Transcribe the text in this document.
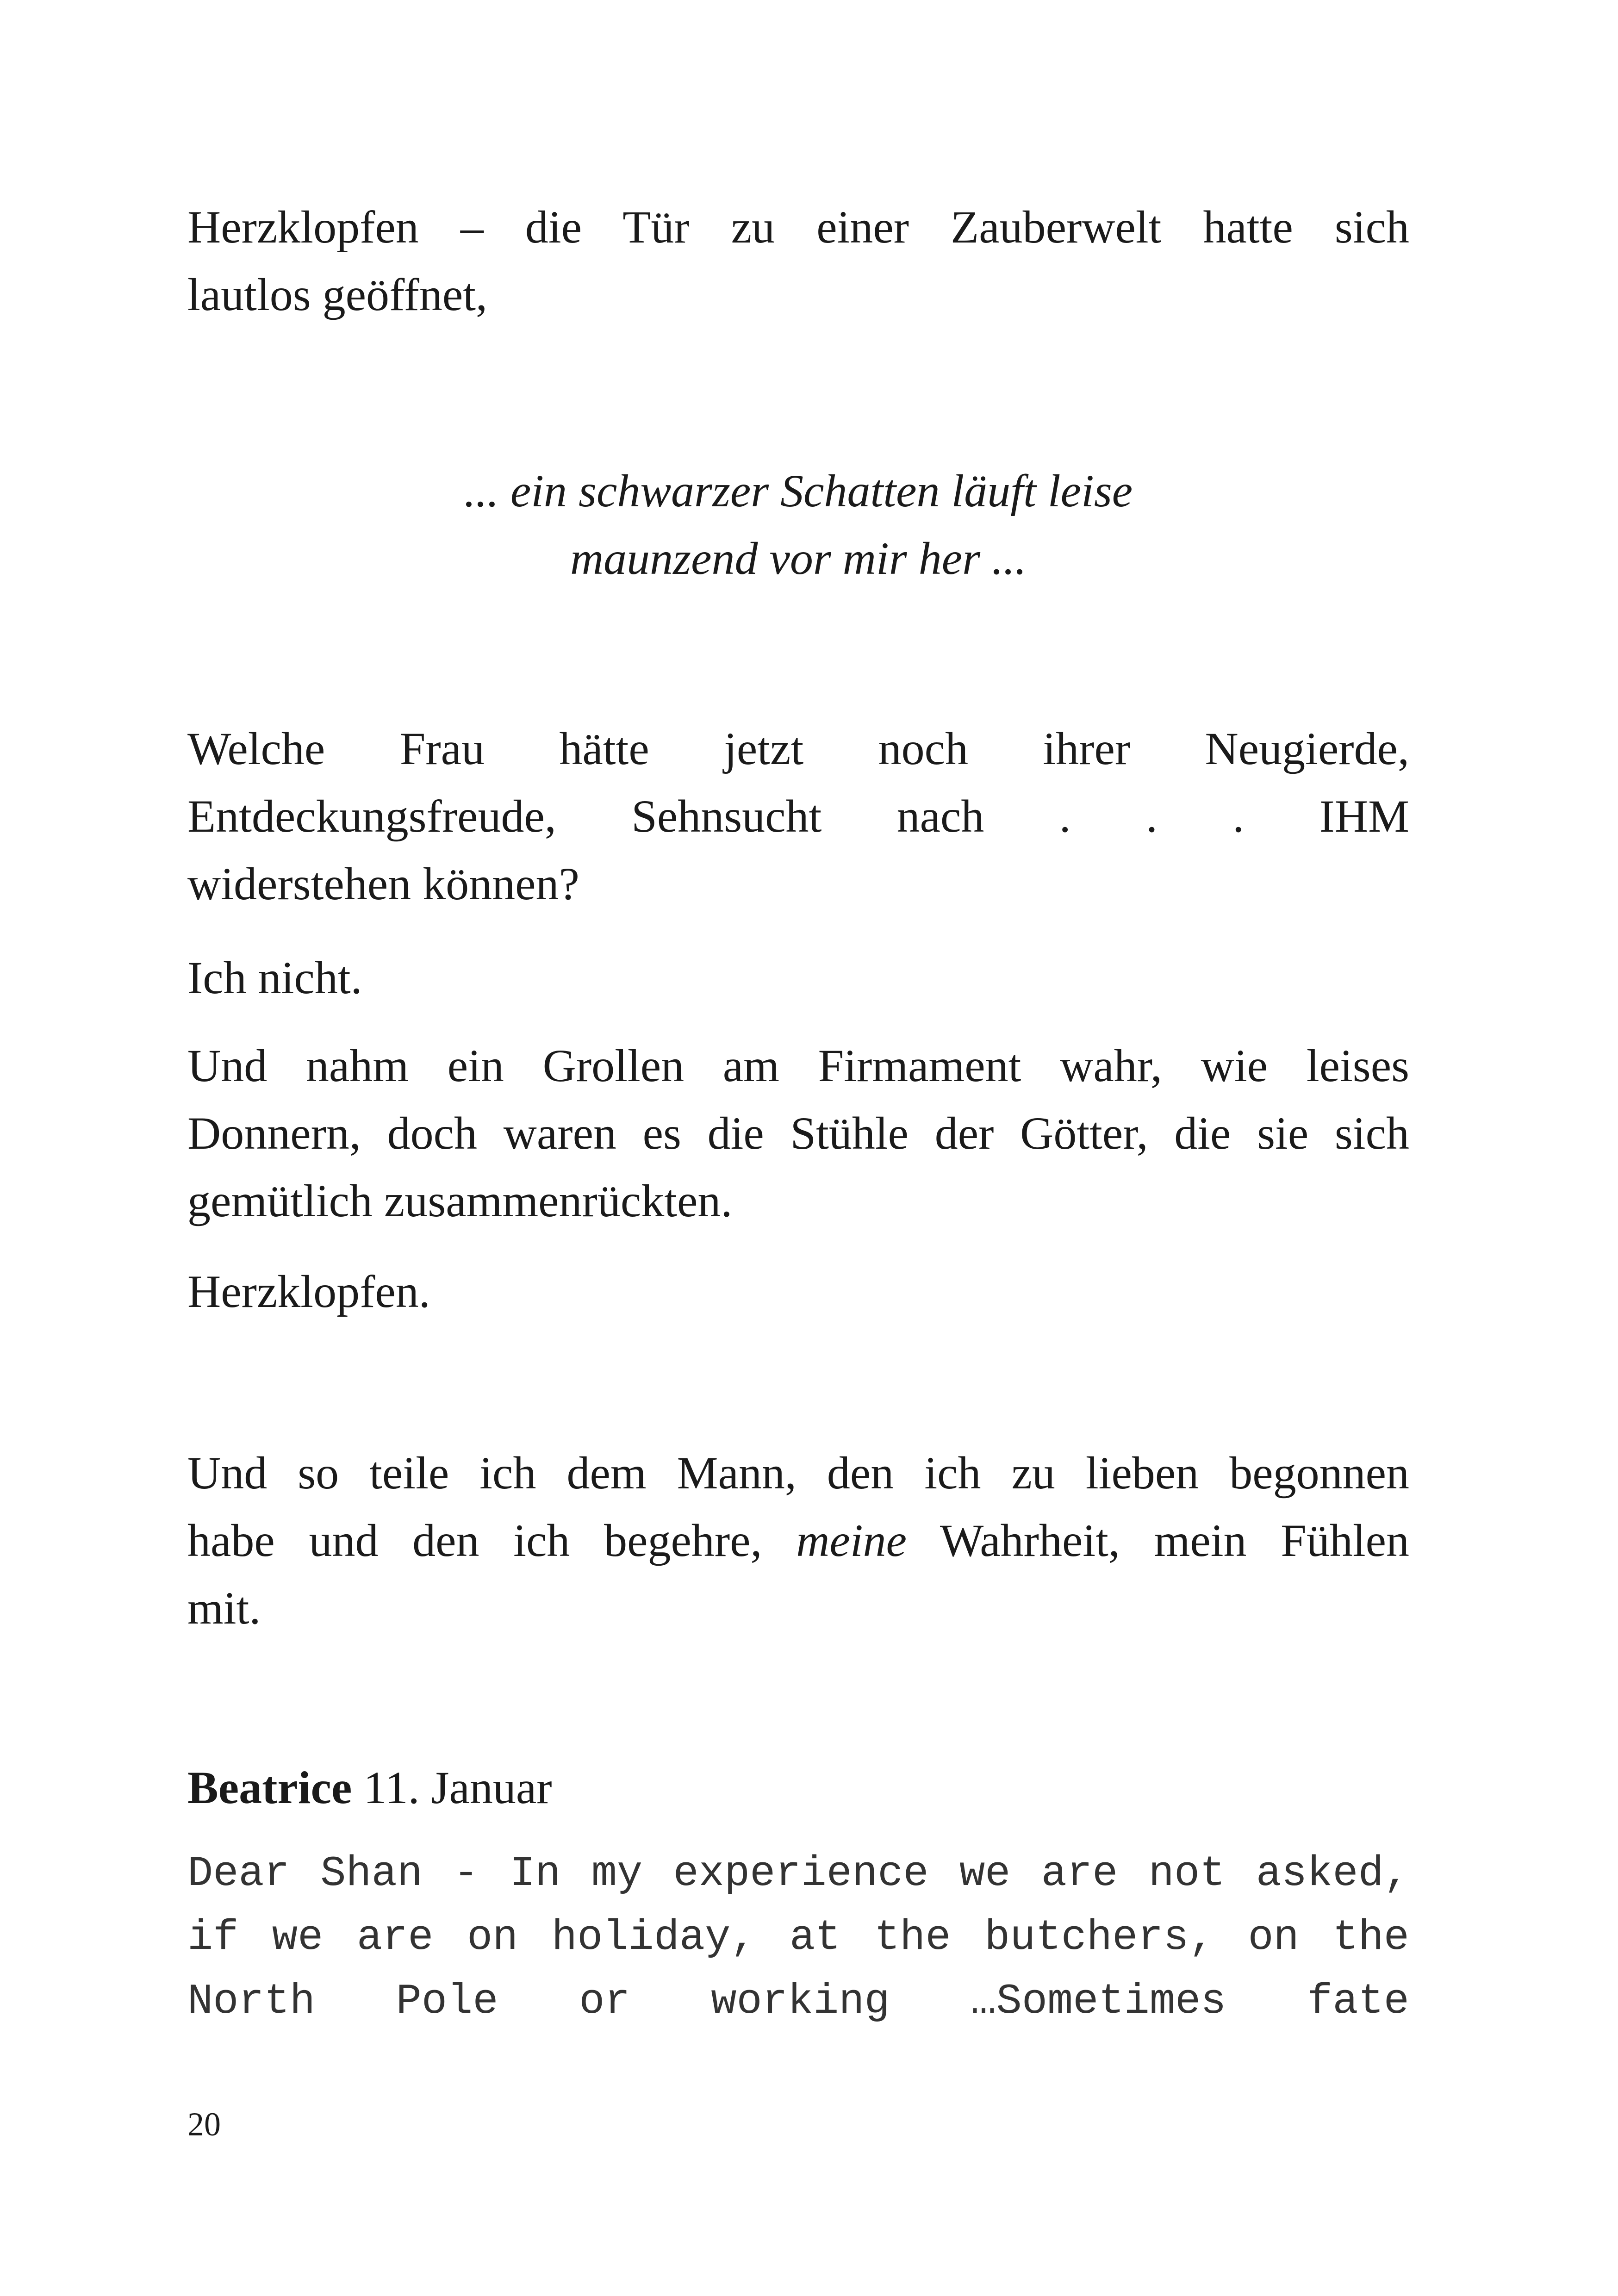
Herzklopfen – die Tür zu einer Zauberwelt hatte sich
lautlos geöffnet,

... ein schwarzer Schatten läuft leise
maunzend vor mir her ...

Welche Frau hätte jetzt noch ihrer Neugierde,
Entdeckungsfreude, Sehnsucht nach . . . IHM
widerstehen können?

Ich nicht.

Und nahm ein Grollen am Firmament wahr, wie leises
Donnern, doch waren es die Stühle der Götter, die sie sich
gemütlich zusammenrückten.

Herzklopfen.

Und so teile ich dem Mann, den ich zu lieben begonnen
habe und den ich begehre, meine Wahrheit, mein Fühlen
mit.

Beatrice 11. Januar

Dear Shan - In my experience we are not asked,
if we are on holiday, at the butchers, on the
North Pole or working …Sometimes fate

20
